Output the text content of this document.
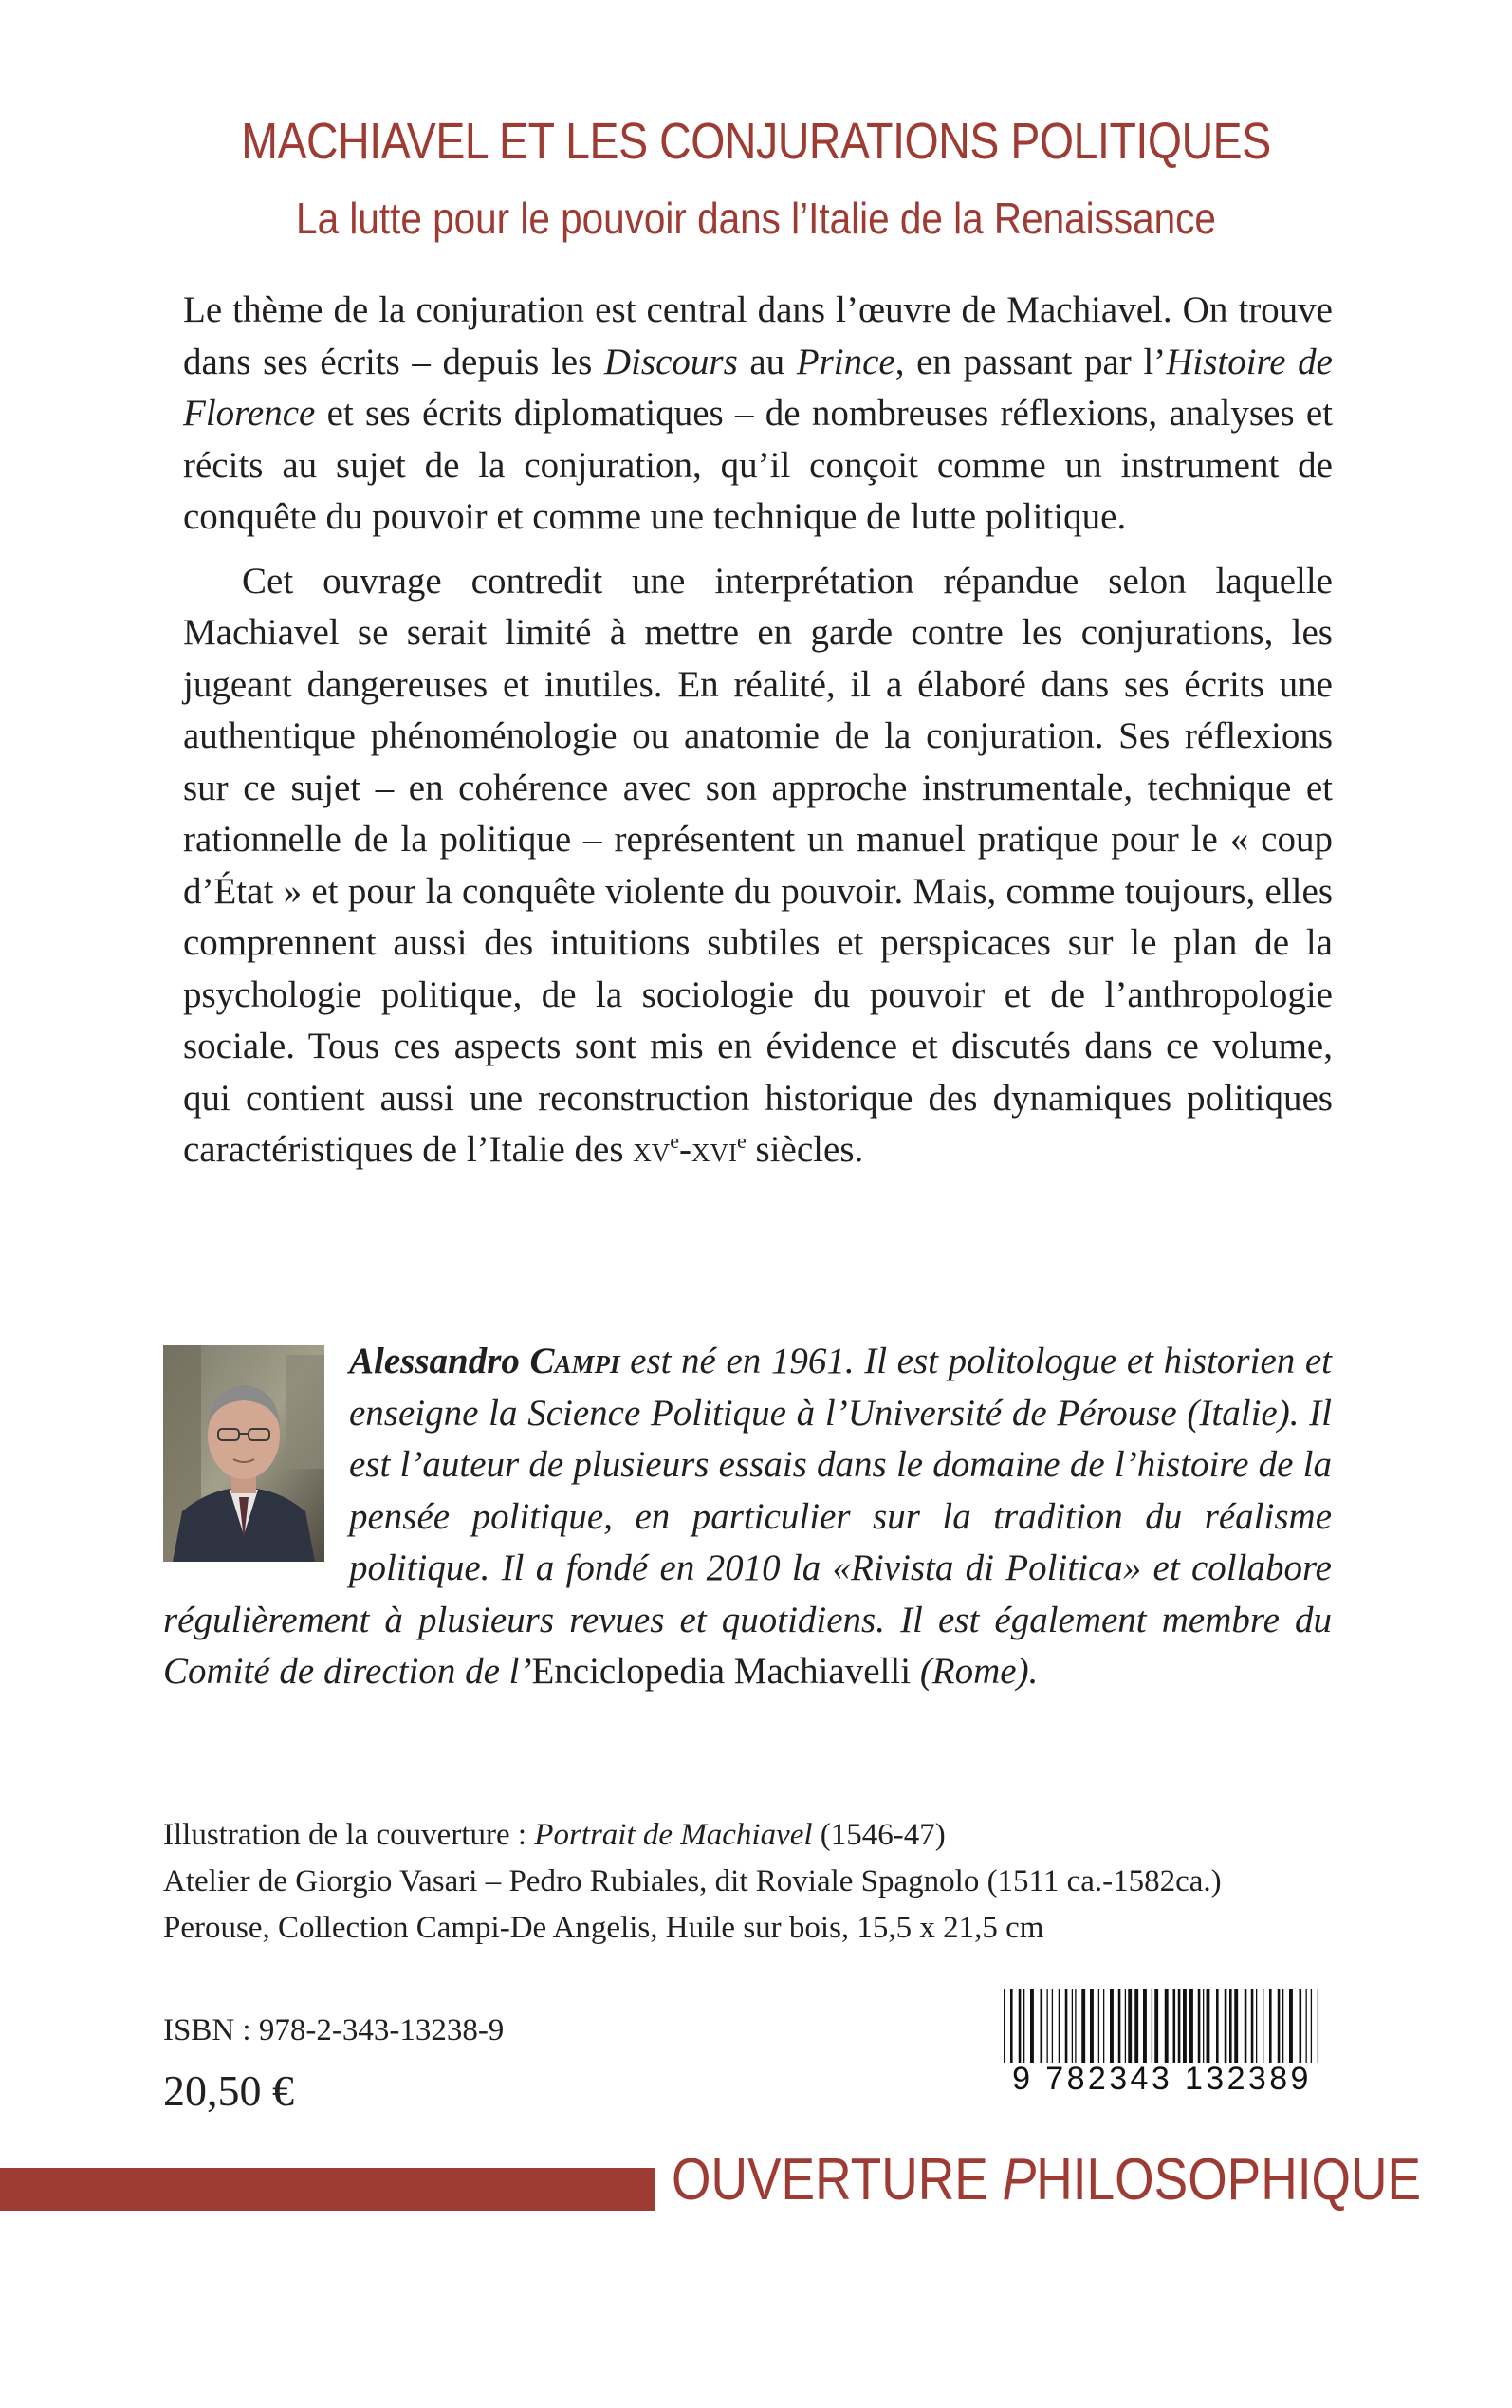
MACHIAVEL ET LES CONJURATIONS POLITIQUES
La lutte pour le pouvoir dans l’Italie de la Renaissance

Le thème de la conjuration est central dans l’œuvre de Machiavel. On trouve dans ses écrits – depuis les Discours au Prince, en passant par l’Histoire de Florence et ses écrits diplomatiques – de nombreuses réflexions, analyses et récits au sujet de la conjuration, qu’il conçoit comme un instrument de conquête du pouvoir et comme une technique de lutte politique.

Cet ouvrage contredit une interprétation répandue selon laquelle Machiavel se serait limité à mettre en garde contre les conjurations, les jugeant dangereuses et inutiles. En réalité, il a élaboré dans ses écrits une authentique phénoménologie ou anatomie de la conjuration. Ses réflexions sur ce sujet – en cohérence avec son approche instrumentale, technique et rationnelle de la politique – représentent un manuel pratique pour le « coup d’État » et pour la conquête violente du pouvoir. Mais, comme toujours, elles comprennent aussi des intuitions subtiles et perspicaces sur le plan de la psychologie politique, de la sociologie du pouvoir et de l’anthropologie sociale. Tous ces aspects sont mis en évidence et discutés dans ce volume, qui contient aussi une reconstruction historique des dynamiques politiques caractéristiques de l’Italie des $xv^e-xvi^e$ siècles.

Alessandro Campi est né en 1961. Il est politologue et historien et enseigne la Science Politique à l’Université de Pérouse (Italie). Il est l’auteur de plusieurs essais dans le domaine de l’histoire de la pensée politique, en particulier sur la tradition du réalisme politique. Il a fondé en 2010 la «Rivista di Politica» et collabore régulièrement à plusieurs revues et quotidiens. Il est également membre du Comité de direction de l’Enciclopedia Machiavelli (Rome).
Illustration de la couverture : Portrait de Machiavel (1546-47)
Atelier de Giorgio Vasari – Pedro Rubiales, dit Roviale Spagnolo (1511 ca.-1582ca.)
Perouse, Collection Campi-De Angelis, Huile sur bois, 15,5 x 21,5 cm
ISBN : 978-2-343-13238-9
20,50 €	9 782343 132389
OUVERTURE PHILOSOPHIQUE
